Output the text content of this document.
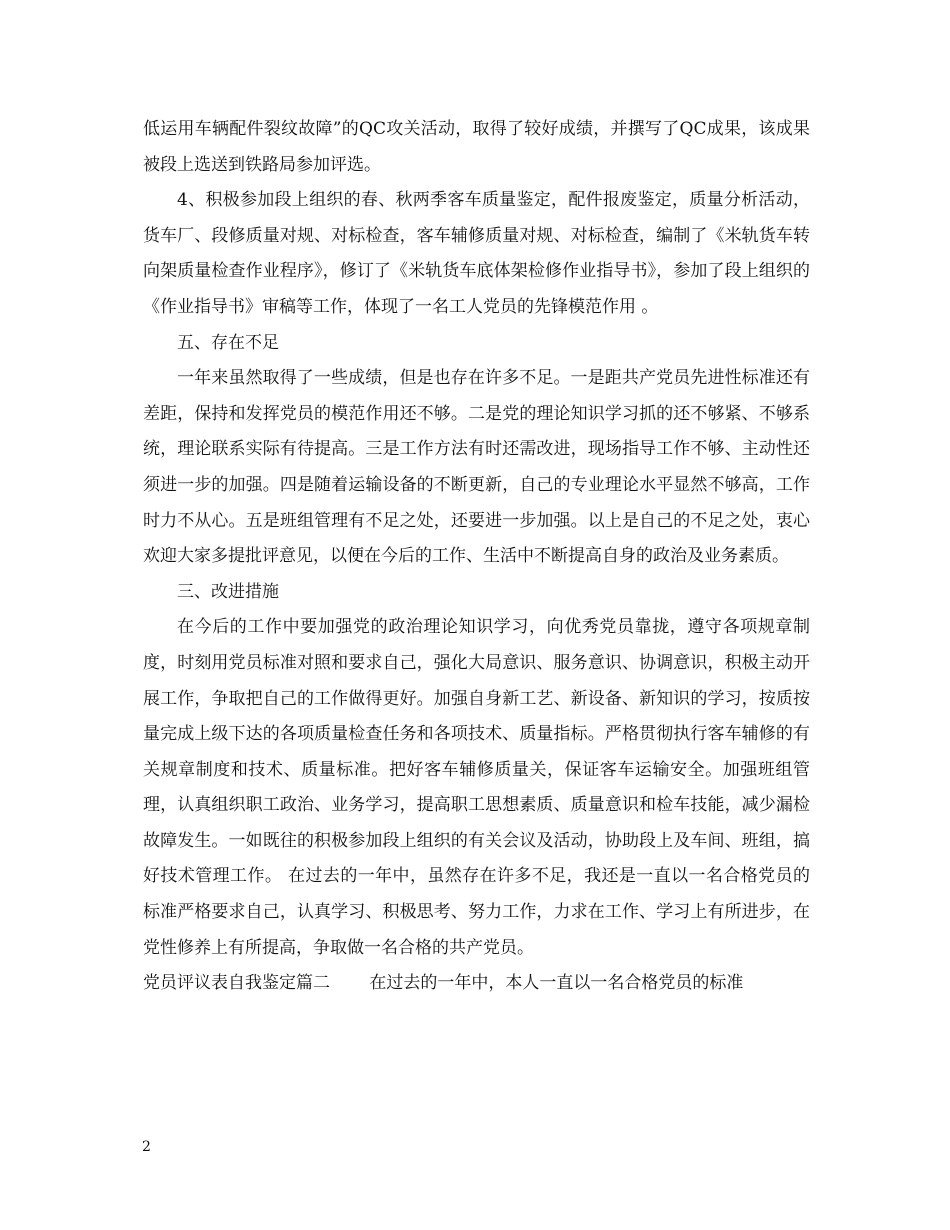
低运用车辆配件裂纹故障”的QC攻关活动，取得了较好成绩，并撰写了QC成果，该成果被段上选送到铁路局参加评选。

4、积极参加段上组织的春、秋两季客车质量鉴定，配件报废鉴定，质量分析活动，货车厂、段修质量对规、对标检查，客车辅修质量对规、对标检查，编制了《米轨货车转向架质量检查作业程序》，修订了《米轨货车底体架检修作业指导书》，参加了段上组织的《作业指导书》审稿等工作，体现了一名工人党员的先锋模范作用 。

五、存在不足

一年来虽然取得了一些成绩，但是也存在许多不足。一是距共产党员先进性标准还有差距，保持和发挥党员的模范作用还不够。二是党的理论知识学习抓的还不够紧、不够系统，理论联系实际有待提高。三是工作方法有时还需改进，现场指导工作不够、主动性还须进一步的加强。四是随着运输设备的不断更新，自己的专业理论水平显然不够高，工作时力不从心。五是班组管理有不足之处，还要进一步加强。以上是自己的不足之处，衷心欢迎大家多提批评意见，以便在今后的工作、生活中不断提高自身的政治及业务素质。

三、改进措施

在今后的工作中要加强党的政治理论知识学习，向优秀党员靠拢，遵守各项规章制度，时刻用党员标准对照和要求自己，强化大局意识、服务意识、协调意识，积极主动开展工作，争取把自己的工作做得更好。加强自身新工艺、新设备、新知识的学习，按质按量完成上级下达的各项质量检查任务和各项技术、质量指标。严格贯彻执行客车辅修的有关规章制度和技术、质量标准。把好客车辅修质量关，保证客车运输安全。加强班组管理，认真组织职工政治、业务学习，提高职工思想素质、质量意识和检车技能，减少漏检故障发生。一如既往的积极参加段上组织的有关会议及活动，协助段上及车间、班组，搞好技术管理工作。 在过去的一年中，虽然存在许多不足，我还是一直以一名合格党员的标准严格要求自己，认真学习、积极思考、努力工作，力求在工作、学习上有所进步，在党性修养上有所提高，争取做一名合格的共产党员。

党员评议表自我鉴定篇二 　　在过去的一年中，本人一直以一名合格党员的标准

2
